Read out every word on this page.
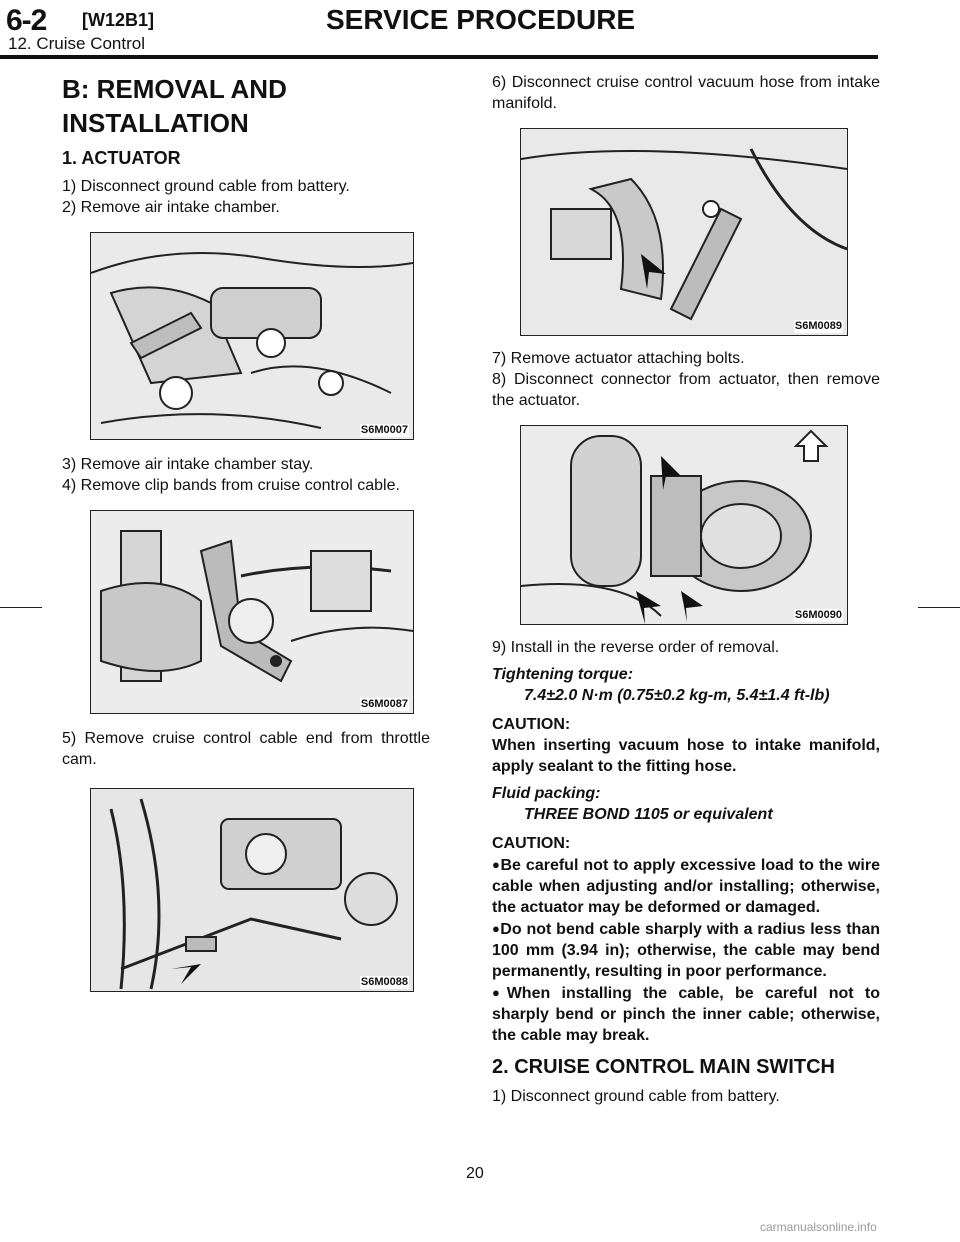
6-2 [W12B1]	SERVICE PROCEDURE
12. Cruise Control

B: REMOVAL AND INSTALLATION

1. ACTUATOR

1) Disconnect ground cable from battery.

2) Remove air intake chamber.

S6M0007

3) Remove air intake chamber stay.

4) Remove clip bands from cruise control cable.

S6M0087

5) Remove cruise control cable end from throttle cam.

S6M0088

6) Disconnect cruise control vacuum hose from intake manifold.

S6M0089

7) Remove actuator attaching bolts.

8) Disconnect connector from actuator, then remove the actuator.

S6M0090

9) Install in the reverse order of removal.

Tightening torque:

7.4±2.0 N·m (0.75±0.2 kg-m, 5.4±1.4 ft-lb)

CAUTION:

When inserting vacuum hose to intake manifold, apply sealant to the fitting hose.

Fluid packing:

THREE BOND 1105 or equivalent

CAUTION:

●Be careful not to apply excessive load to the wire cable when adjusting and/or installing; otherwise, the actuator may be deformed or damaged.

●Do not bend cable sharply with a radius less than 100 mm (3.94 in); otherwise, the cable may bend permanently, resulting in poor performance.

●When installing the cable, be careful not to sharply bend or pinch the inner cable; otherwise, the cable may break.

2. CRUISE CONTROL MAIN SWITCH

1) Disconnect ground cable from battery.

20
carmanualsonline.info
